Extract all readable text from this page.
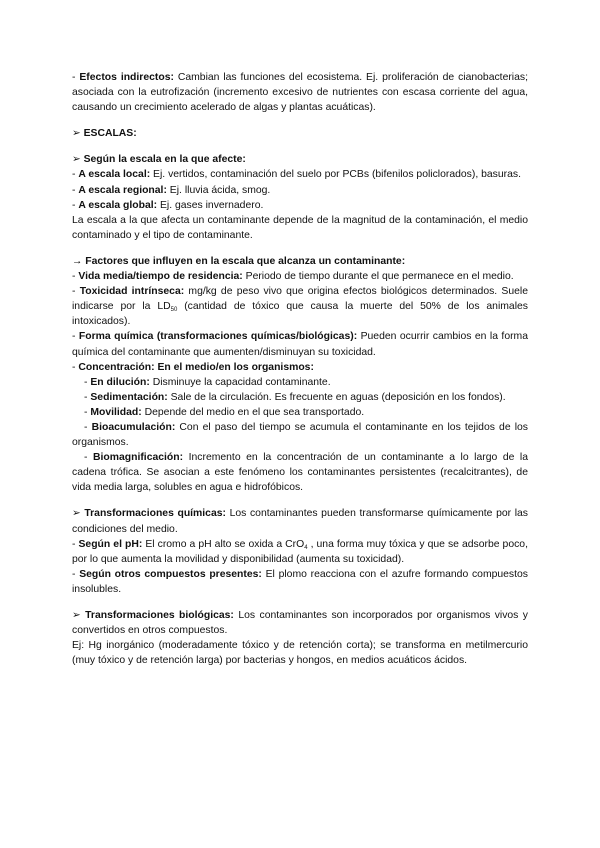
- Efectos indirectos: Cambian las funciones del ecosistema. Ej. proliferación de cianobacterias; asociada con la eutrofización (incremento excesivo de nutrientes con escasa corriente del agua, causando un crecimiento acelerado de algas y plantas acuáticas).

➢ ESCALAS:

➢ Según la escala en la que afecte:

- A escala local: Ej. vertidos, contaminación del suelo por PCBs (bifenilos policlorados), basuras.

- A escala regional: Ej. lluvia ácida, smog.

- A escala global: Ej. gases invernadero.

La escala a la que afecta un contaminante depende de la magnitud de la contaminación, el medio contaminado y el tipo de contaminante.

→ Factores que influyen en la escala que alcanza un contaminante:

- Vida media/tiempo de residencia: Periodo de tiempo durante el que permanece en el medio.

- Toxicidad intrínseca: mg/kg de peso vivo que origina efectos biológicos determinados. Suele indicarse por la $LD_{50}$ (cantidad de tóxico que causa la muerte del 50% de los animales intoxicados).

- Forma química (transformaciones químicas/biológicas): Pueden ocurrir cambios en la forma química del contaminante que aumenten/disminuyan su toxicidad.

- Concentración: En el medio/en los organismos:

- En dilución: Disminuye la capacidad contaminante.

- Sedimentación: Sale de la circulación. Es frecuente en aguas (deposición en los fondos).

- Movilidad: Depende del medio en el que sea transportado.

- Bioacumulación: Con el paso del tiempo se acumula el contaminante en los tejidos de los organismos.

- Biomagnificación: Incremento en la concentración de un contaminante a lo largo de la cadena trófica. Se asocian a este fenómeno los contaminantes persistentes (recalcitrantes), de vida media larga, solubles en agua e hidrofóbicos.

➢ Transformaciones químicas: Los contaminantes pueden transformarse químicamente por las condiciones del medio.

- Según el pH: El cromo a pH alto se oxida a CrO$_4$ , una forma muy tóxica y que se adsorbe poco, por lo que aumenta la movilidad y disponibilidad (aumenta su toxicidad).

- Según otros compuestos presentes: El plomo reacciona con el azufre formando compuestos insolubles.

➢ Transformaciones biológicas: Los contaminantes son incorporados por organismos vivos y convertidos en otros compuestos.

Ej: Hg inorgánico (moderadamente tóxico y de retención corta); se transforma en metilmercurio (muy tóxico y de retención larga) por bacterias y hongos, en medios acuáticos ácidos.
